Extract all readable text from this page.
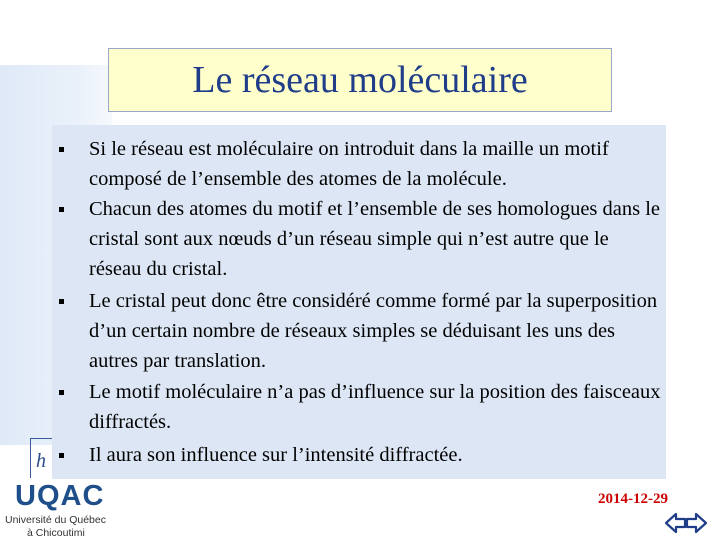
h
Le réseau moléculaire
Si le réseau est moléculaire on introduit dans la maille un motif composé de l’ensemble des atomes de la molécule.
Chacun des atomes du motif et l’ensemble de ses homologues dans le cristal sont aux nœuds d’un réseau simple qui n’est autre que le réseau du cristal.
Le cristal peut donc être considéré comme formé par la superposition d’un certain nombre de réseaux simples se déduisant les uns des autres par translation.
Le motif moléculaire n’a pas d’influence sur la position des faisceaux diffractés.
Il aura son influence sur l’intensité diffractée.
UQAC
Université du Québec
à Chicoutimi
2014-12-29
